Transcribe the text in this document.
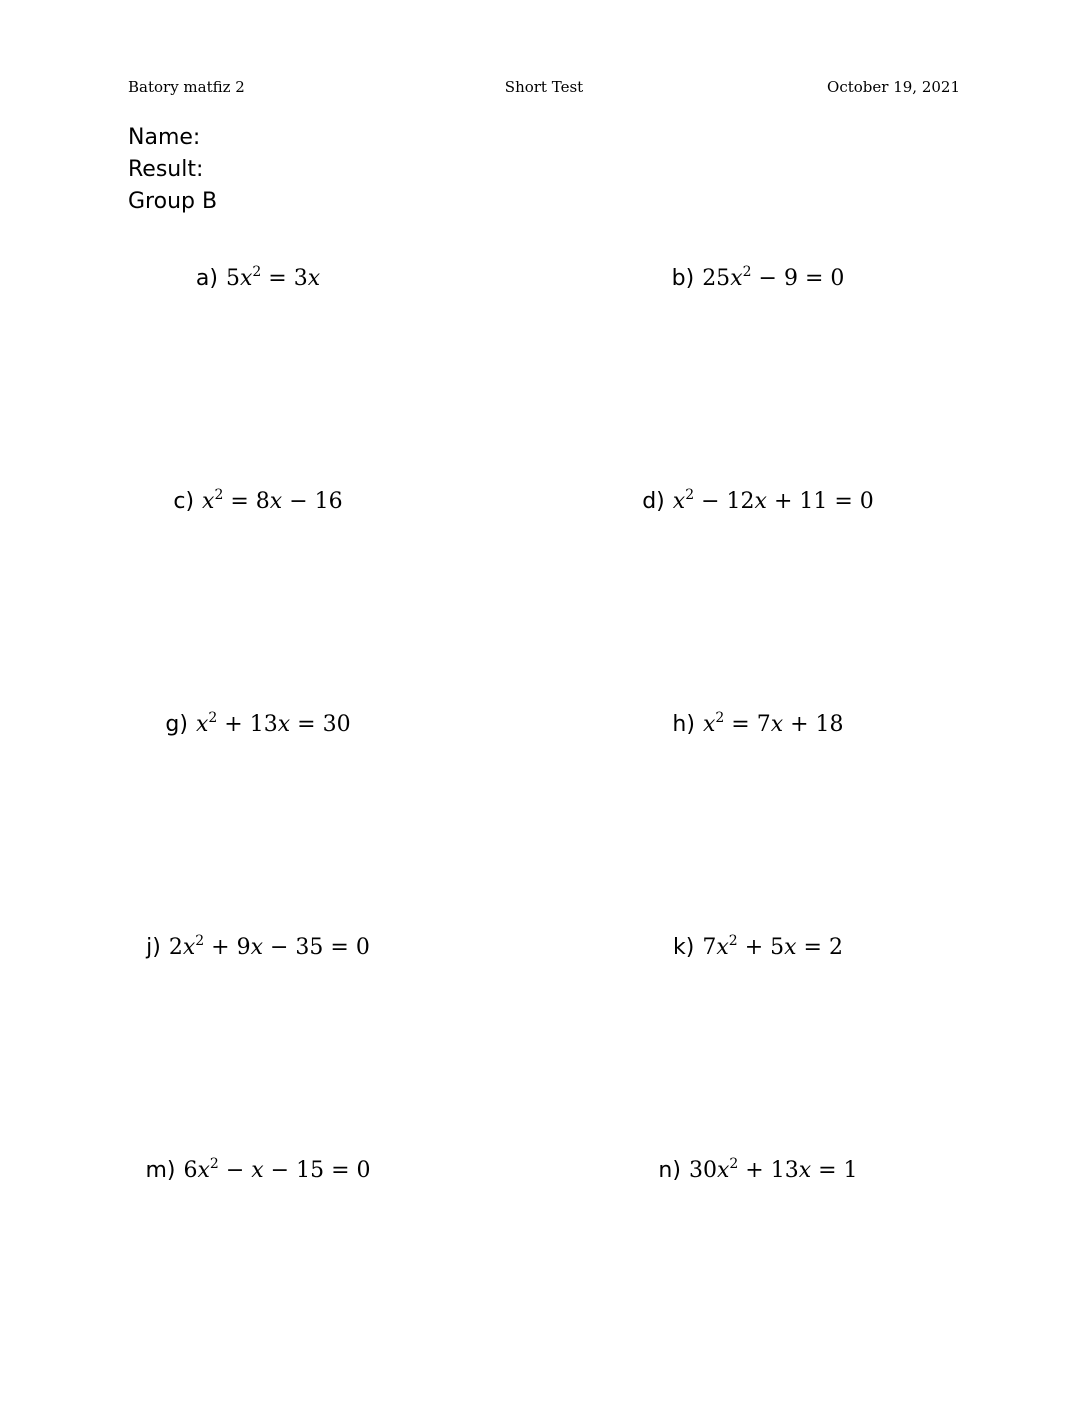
Batory matfiz 2	Short Test	October 19, 2021
Name:
Result:
Group B
a) $5x^2 = 3x$	b) $25x^2 - 9 = 0$
c) $x^2 = 8x - 16$	d) $x^2 - 12x + 11 = 0$
g) $x^2 + 13x = 30$	h) $x^2 = 7x + 18$
j) $2x^2 + 9x - 35 = 0$	k) $7x^2 + 5x = 2$
m) $6x^2 - x - 15 = 0$	n) $30x^2 + 13x = 1$
